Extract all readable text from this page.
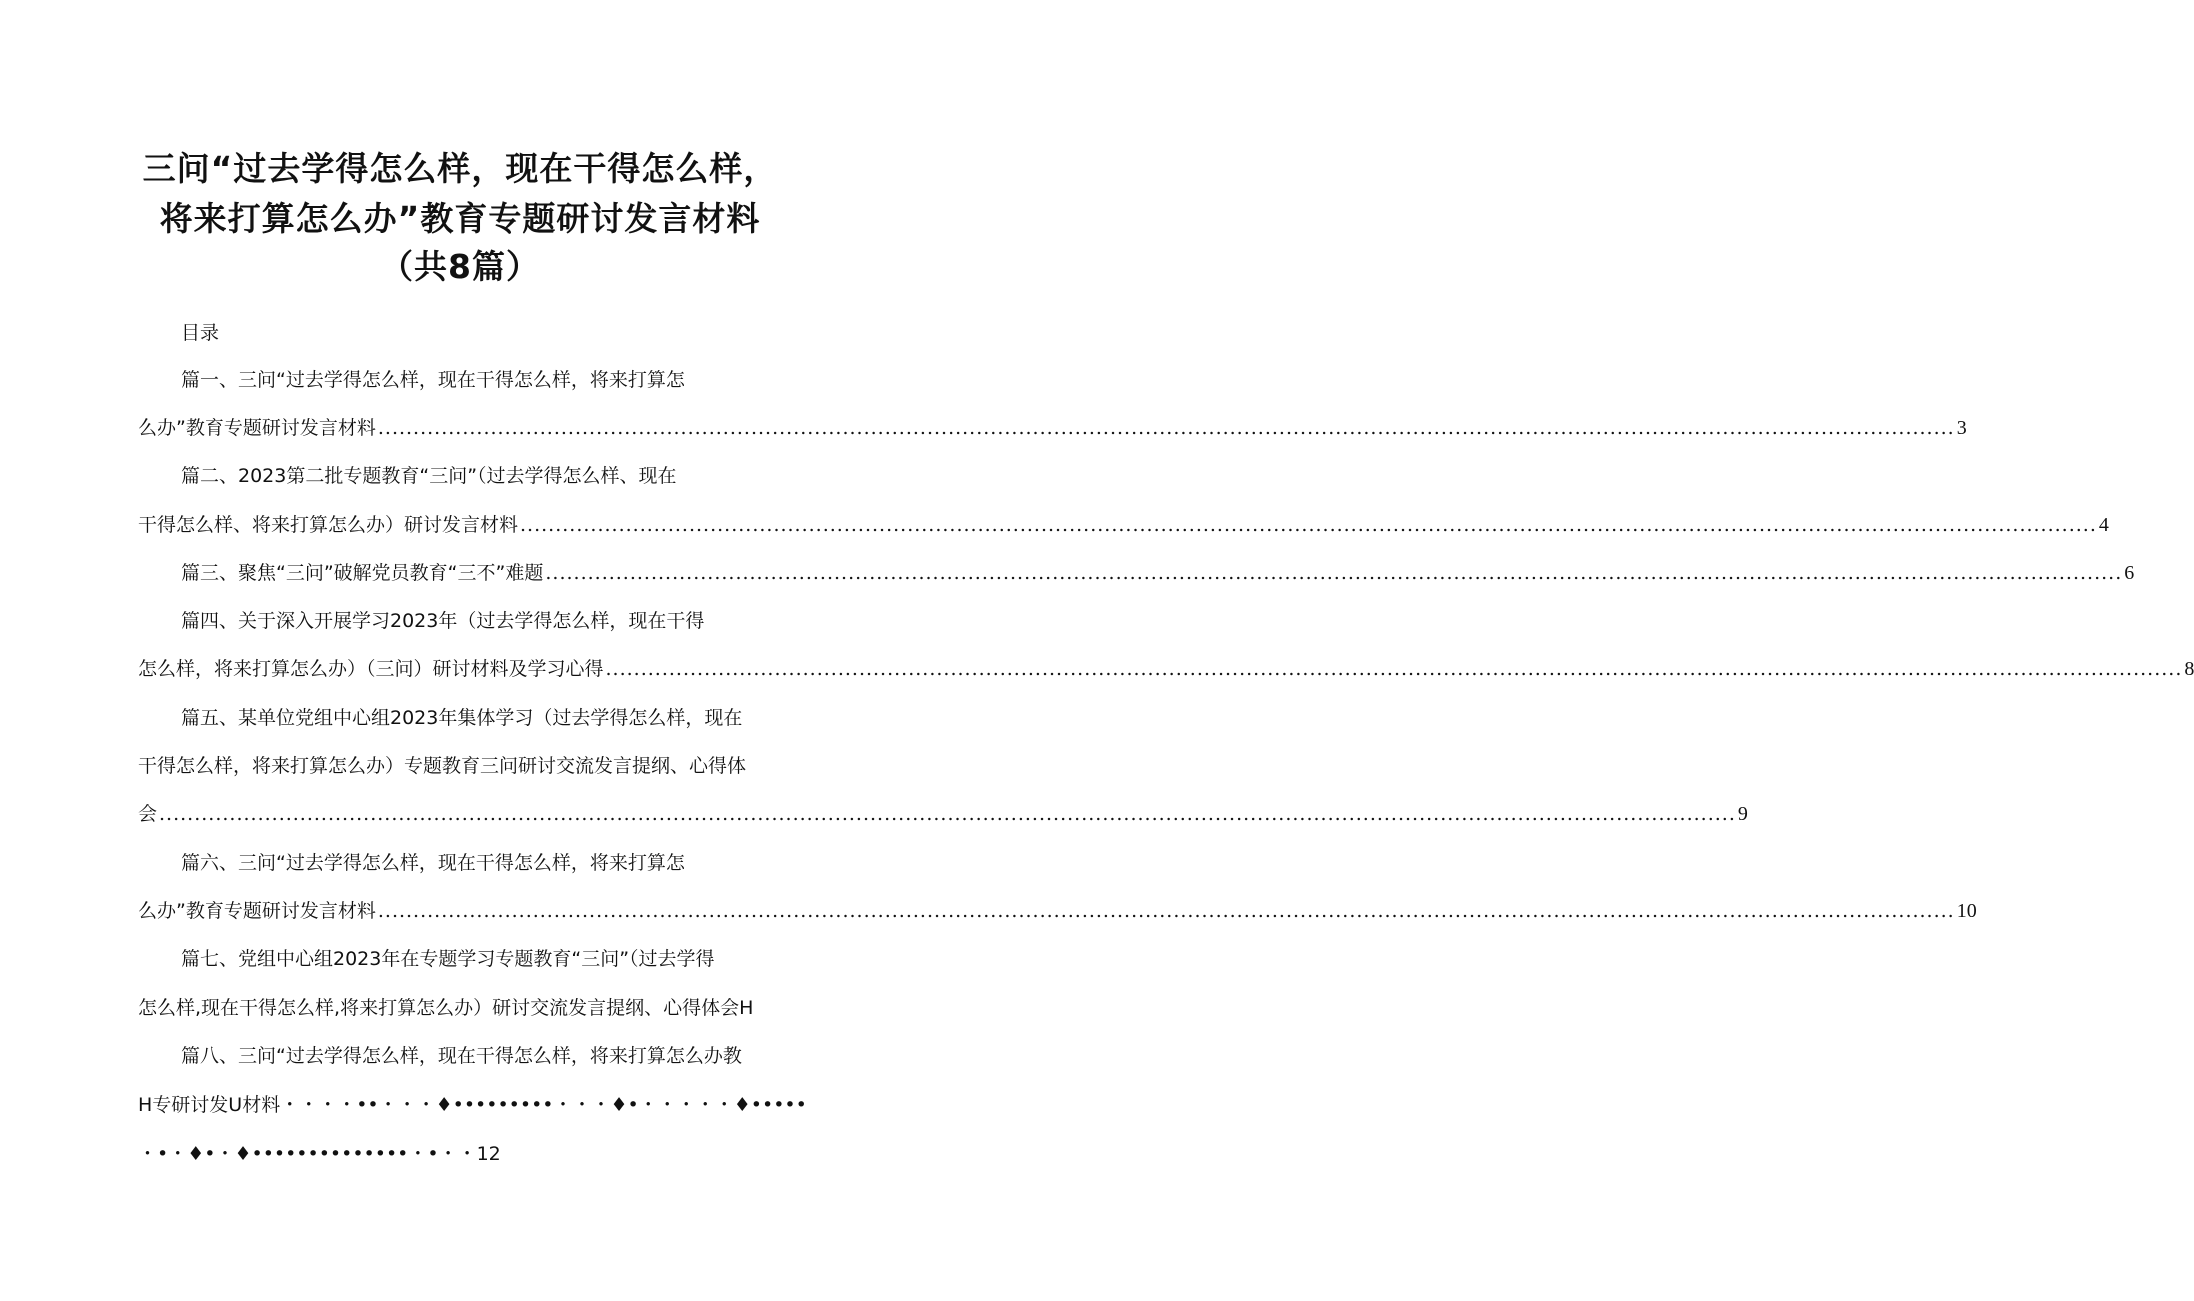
三问“过去学得怎么样，现在干得怎么样，
将来打算怎么办”教育专题研讨发言材料
（共8篇）
目录
篇一、三问“过去学得怎么样，现在干得怎么样，将来打算怎
么办”教育专题研讨发言材料 ................................................................................................................................................................................................................................ 3
篇二、2023第二批专题教育“三问”（过去学得怎么样、现在
干得怎么样、将来打算怎么办）研讨发言材料 ................................................................................................................................................................................................................................ 4
篇三、聚焦“三问”破解党员教育“三不”难题 ................................................................................................................................................................................................................................ 6
篇四、关于深入开展学习2023年（过去学得怎么样，现在干得
怎么样，将来打算怎么办）（三问）研讨材料及学习心得 ................................................................................................................................................................................................................................ 8
篇五、某单位党组中心组2023年集体学习（过去学得怎么样，现在
干得怎么样，将来打算怎么办）专题教育三问研讨交流发言提纲、心得体
会 ................................................................................................................................................................................................................................ 9
篇六、三问“过去学得怎么样，现在干得怎么样，将来打算怎
么办”教育专题研讨发言材料 ................................................................................................................................................................................................................................ 10
篇七、党组中心组2023年在专题学习专题教育“三问”（过去学得
怎么样,现在干得怎么样,将来打算怎么办）研讨交流发言提纲、心得体会H
篇八、三问“过去学得怎么样，现在干得怎么样，将来打算怎么办教
H专研讨发U材料・・・・••・・・♦•••••••••・・・♦•・・・・・♦•••••
・•・♦•・♦••••••••••••••・•・・12
